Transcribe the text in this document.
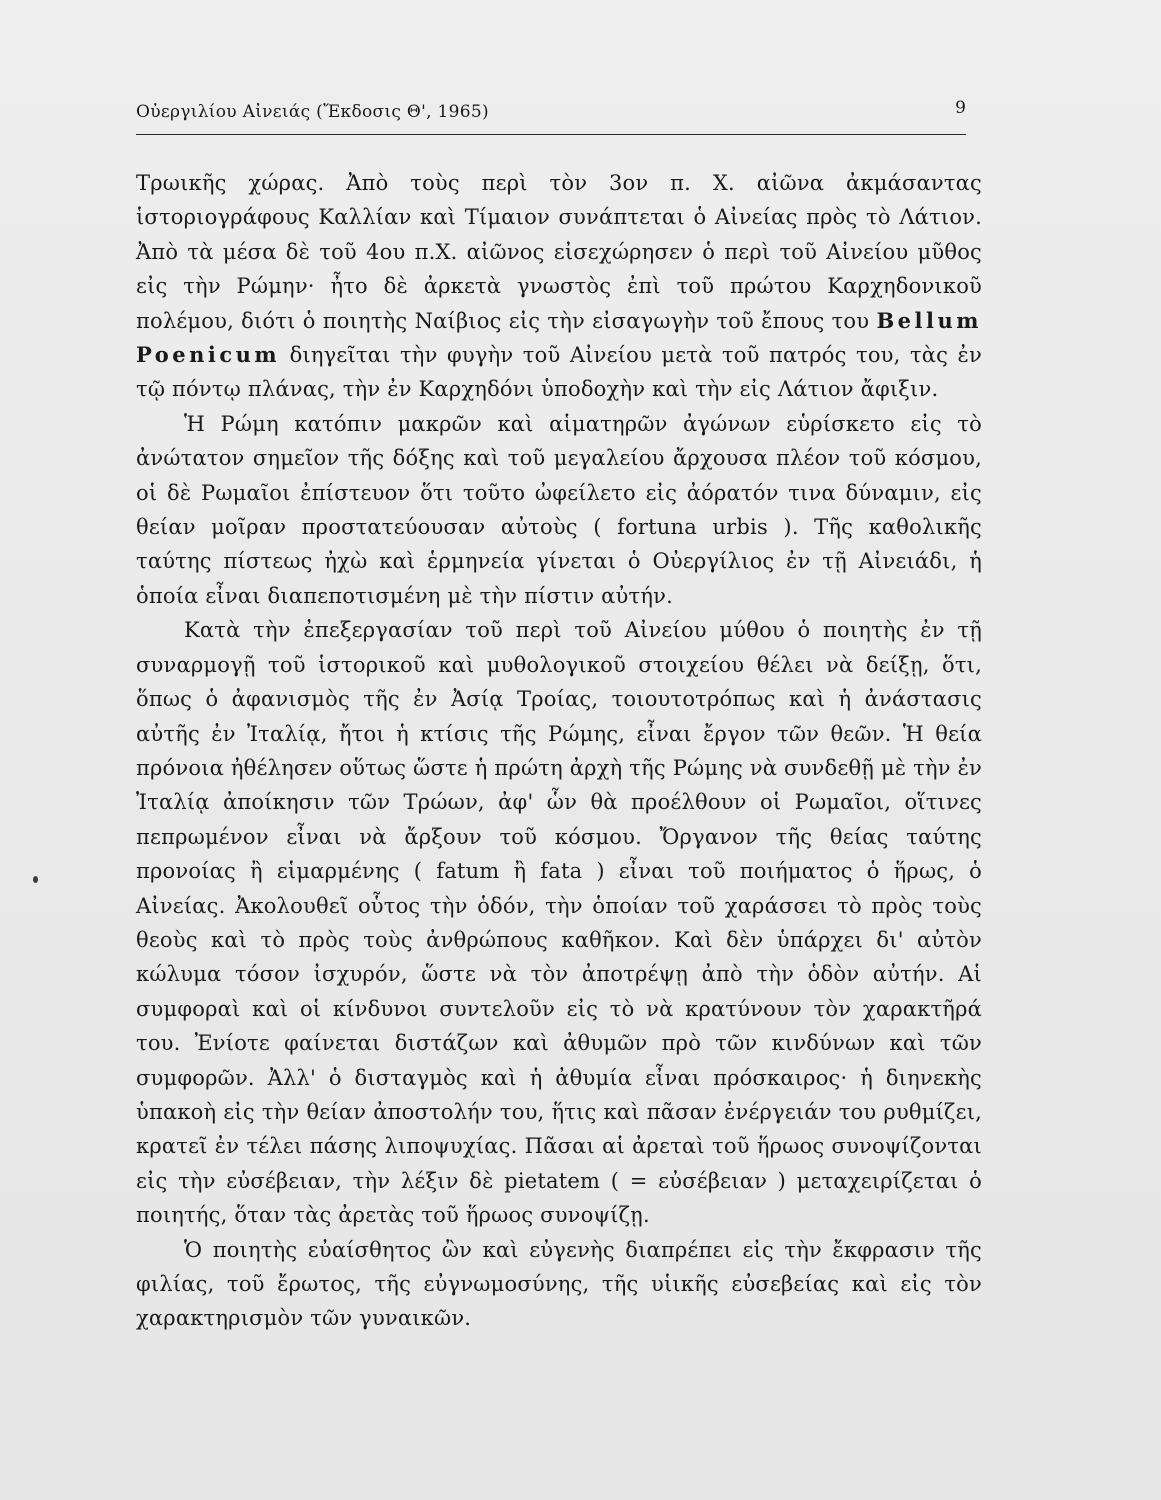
Οὐεργιλίου Αἰνειάς (Ἔκδοσις Θ', 1965)	9

Τρωικῆς χώρας. Ἀπὸ τοὺς περὶ τὸν 3ον π. Χ. αἰῶνα ἀκμάσαντας ἱστοριογράφους Καλλίαν καὶ Τίμαιον συνάπτεται ὁ Αἰνείας πρὸς τὸ Λάτιον. Ἀπὸ τὰ μέσα δὲ τοῦ 4ου π.Χ. αἰῶνος εἰσεχώρησεν ὁ περὶ τοῦ Αἰνείου μῦθος εἰς τὴν Ρώμην· ἦτο δὲ ἀρκετὰ γνωστὸς ἐπὶ τοῦ πρώτου Καρχηδονικοῦ πολέμου, διότι ὁ ποιητὴς Ναίβιος εἰς τὴν εἰσαγωγὴν τοῦ ἔπους του Bellum Poenicum διηγεῖται τὴν φυγὴν τοῦ Αἰνείου μετὰ τοῦ πατρός του, τὰς ἐν τῷ πόντῳ πλάνας, τὴν ἐν Καρχηδόνι ὑποδοχὴν καὶ τὴν εἰς Λάτιον ἄφιξιν.

Ἡ Ρώμη κατόπιν μακρῶν καὶ αἱματηρῶν ἀγώνων εὑρίσκετο εἰς τὸ ἀνώτατον σημεῖον τῆς δόξης καὶ τοῦ μεγαλείου ἄρχουσα πλέον τοῦ κόσμου, οἱ δὲ Ρωμαῖοι ἐπίστευον ὅτι τοῦτο ὠφείλετο εἰς ἀόρατόν τινα δύναμιν, εἰς θείαν μοῖραν προστατεύουσαν αὐτοὺς ( fortuna urbis ). Τῆς καθολικῆς ταύτης πίστεως ἠχὼ καὶ ἑρμηνεία γίνεται ὁ Οὐεργίλιος ἐν τῇ Αἰνειάδι, ἡ ὁποία εἶναι διαπεποτισμένη μὲ τὴν πίστιν αὐτήν.

Κατὰ τὴν ἐπεξεργασίαν τοῦ περὶ τοῦ Αἰνείου μύθου ὁ ποιητὴς ἐν τῇ συναρμογῇ τοῦ ἱστορικοῦ καὶ μυθολογικοῦ στοιχείου θέλει νὰ δείξῃ, ὅτι, ὅπως ὁ ἀφανισμὸς τῆς ἐν Ἀσίᾳ Τροίας, τοιουτοτρόπως καὶ ἡ ἀνάστασις αὐτῆς ἐν Ἰταλίᾳ, ἤτοι ἡ κτίσις τῆς Ρώμης, εἶναι ἔργον τῶν θεῶν. Ἡ θεία πρόνοια ἠθέλησεν οὕτως ὥστε ἡ πρώτη ἀρχὴ τῆς Ρώμης νὰ συνδεθῇ μὲ τὴν ἐν Ἰταλίᾳ ἀποίκησιν τῶν Τρώων, ἀφ' ὧν θὰ προέλθουν οἱ Ρωμαῖοι, οἵτινες πεπρωμένον εἶναι νὰ ἄρξουν τοῦ κόσμου. Ὄργανον τῆς θείας ταύτης προνοίας ἢ εἱμαρμένης ( fatum ἢ fata ) εἶναι τοῦ ποιήματος ὁ ἥρως, ὁ Αἰνείας. Ἀκολουθεῖ οὗτος τὴν ὁδόν, τὴν ὁποίαν τοῦ χαράσσει τὸ πρὸς τοὺς θεοὺς καὶ τὸ πρὸς τοὺς ἀνθρώπους καθῆκον. Καὶ δὲν ὑπάρχει δι' αὐτὸν κώλυμα τόσον ἰσχυρόν, ὥστε νὰ τὸν ἀποτρέψῃ ἀπὸ τὴν ὁδὸν αὐτήν. Αἱ συμφοραὶ καὶ οἱ κίνδυνοι συντελοῦν εἰς τὸ νὰ κρατύνουν τὸν χαρακτῆρά του. Ἐνίοτε φαίνεται διστάζων καὶ ἀθυμῶν πρὸ τῶν κινδύνων καὶ τῶν συμφορῶν. Ἀλλ' ὁ δισταγμὸς καὶ ἡ ἀθυμία εἶναι πρόσκαιρος· ἡ διηνεκὴς ὑπακοὴ εἰς τὴν θείαν ἀποστολήν του, ἥτις καὶ πᾶσαν ἐνέργειάν του ρυθμίζει, κρατεῖ ἐν τέλει πάσης λιποψυχίας. Πᾶσαι αἱ ἀρεταὶ τοῦ ἥρωος συνοψίζονται εἰς τὴν εὐσέβειαν, τὴν λέξιν δὲ pietatem ( = εὐσέβειαν ) μεταχειρίζεται ὁ ποιητής, ὅταν τὰς ἀρετὰς τοῦ ἥρωος συνοψίζῃ.

Ὁ ποιητὴς εὐαίσθητος ὢν καὶ εὐγενὴς διαπρέπει εἰς τὴν ἔκφρασιν τῆς φιλίας, τοῦ ἔρωτος, τῆς εὐγνωμοσύνης, τῆς υἱικῆς εὐσεβείας καὶ εἰς τὸν χαρακτηρισμὸν τῶν γυναικῶν.
